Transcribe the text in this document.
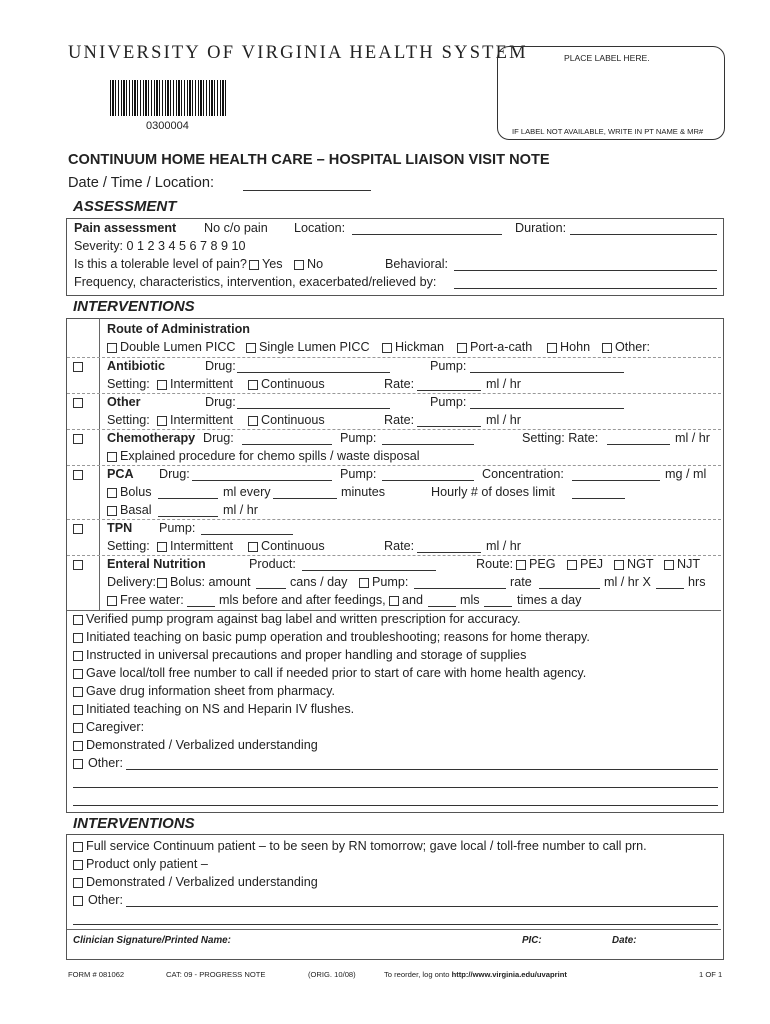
UNIVERSITY OF VIRGINIA HEALTH SYSTEM
0300004
PLACE LABEL HERE.
IF LABEL NOT AVAILABLE, WRITE IN PT NAME & MR#
CONTINUUM HOME HEALTH CARE – HOSPITAL LIAISON VISIT NOTE
Date / Time / Location:
ASSESSMENT
Pain assessment No c/o pain Location:	Duration:
Severity: 0 1 2 3 4 5 6 7 8 9 10
Is this a tolerable level of pain? Yes No	Behavioral:
Frequency, characteristics, intervention, exacerbated/relieved by:
INTERVENTIONS
Route of Administration
Double Lumen PICC Single Lumen PICC Hickman Port-a-cath Hohn Other:
Antibiotic	Drug:	Pump:
Setting: Intermittent Continuous	Rate:	ml / hr
Other	Drug:	Pump:
Setting: Intermittent Continuous	Rate:	ml / hr
Chemotherapy Drug:	Pump:	Setting: Rate:	ml / hr
Explained procedure for chemo spills / waste disposal
PCA Drug:	Pump:	Concentration:	mg / ml
Bolus	ml every	minutes	Hourly # of doses limit
Basal	ml / hr
TPN Pump:
Setting: Intermittent Continuous	Rate:	ml / hr
Enteral Nutrition	Product:	Route: PEG PEJ NGT NJT
Delivery: Bolus: amount	cans / day Pump:	rate	ml / hr X	hrs
Free water:	mls before and after feedings, and	mls	times a day
Verified pump program against bag label and written prescription for accuracy.
Initiated teaching on basic pump operation and troubleshooting; reasons for home therapy.
Instructed in universal precautions and proper handling and storage of supplies
Gave local/toll free number to call if needed prior to start of care with home health agency.
Gave drug information sheet from pharmacy.
Initiated teaching on NS and Heparin IV flushes.
Caregiver:
Demonstrated / Verbalized understanding
Other:
INTERVENTIONS
Full service Continuum patient – to be seen by RN tomorrow; gave local / toll-free number to call prn.
Product only patient –
Demonstrated / Verbalized understanding
Other:
Clinician Signature/Printed Name:	PIC:	Date:
FORM # 081062	CAT: 09 - PROGRESS NOTE	(ORIG. 10/08)	To reorder, log onto http://www.virginia.edu/uvaprint	1 OF 1
